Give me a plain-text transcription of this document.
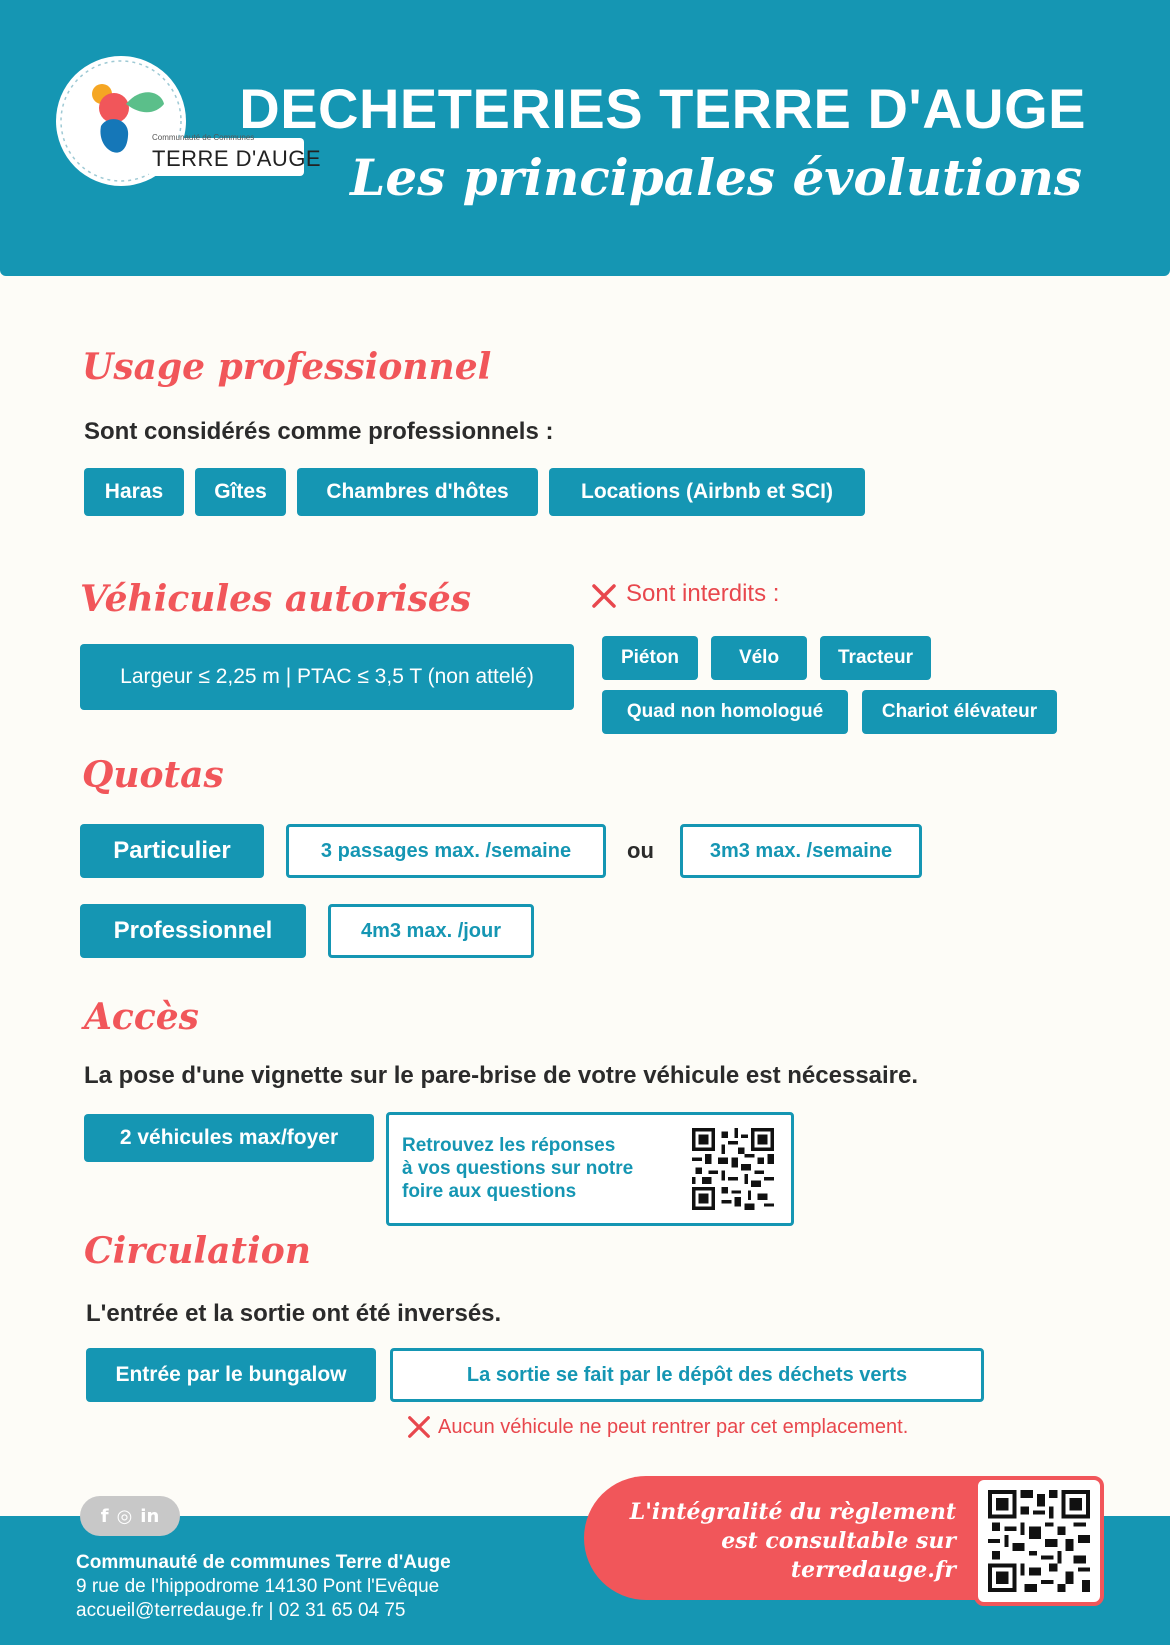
Communauté de Communes
TERRE D'AUGE
DECHETERIES TERRE D'AUGE
Les principales évolutions
Usage professionnel
Sont considérés comme professionnels :
Haras	Gîtes	Chambres d'hôtes	Locations (Airbnb et SCI)
Véhicules autorisés
Largeur ≤ 2,25 m | PTAC ≤ 3,5 T (non attelé)
Sont interdits :
Piéton	Vélo	Tracteur
Quad non homologué	Chariot élévateur
Quotas
Particulier	3 passages max. /semaine	ou	3m3 max. /semaine
Professionnel	4m3 max. /jour
Accès
La pose d'une vignette sur le pare-brise de votre véhicule est nécessaire.
2 véhicules max/foyer	Retrouvez les réponses
à vos questions sur notre
foire aux questions
Circulation
L'entrée et la sortie ont été inversés.
Entrée par le bungalow	La sortie se fait par le dépôt des déchets verts
Aucun véhicule ne peut rentrer par cet emplacement.
f ◎ in
Communauté de communes Terre d'Auge
9 rue de l'hippodrome 14130 Pont l'Evêque
accueil@terredauge.fr | 02 31 65 04 75
L'intégralité du règlement
est consultable sur
terredauge.fr
